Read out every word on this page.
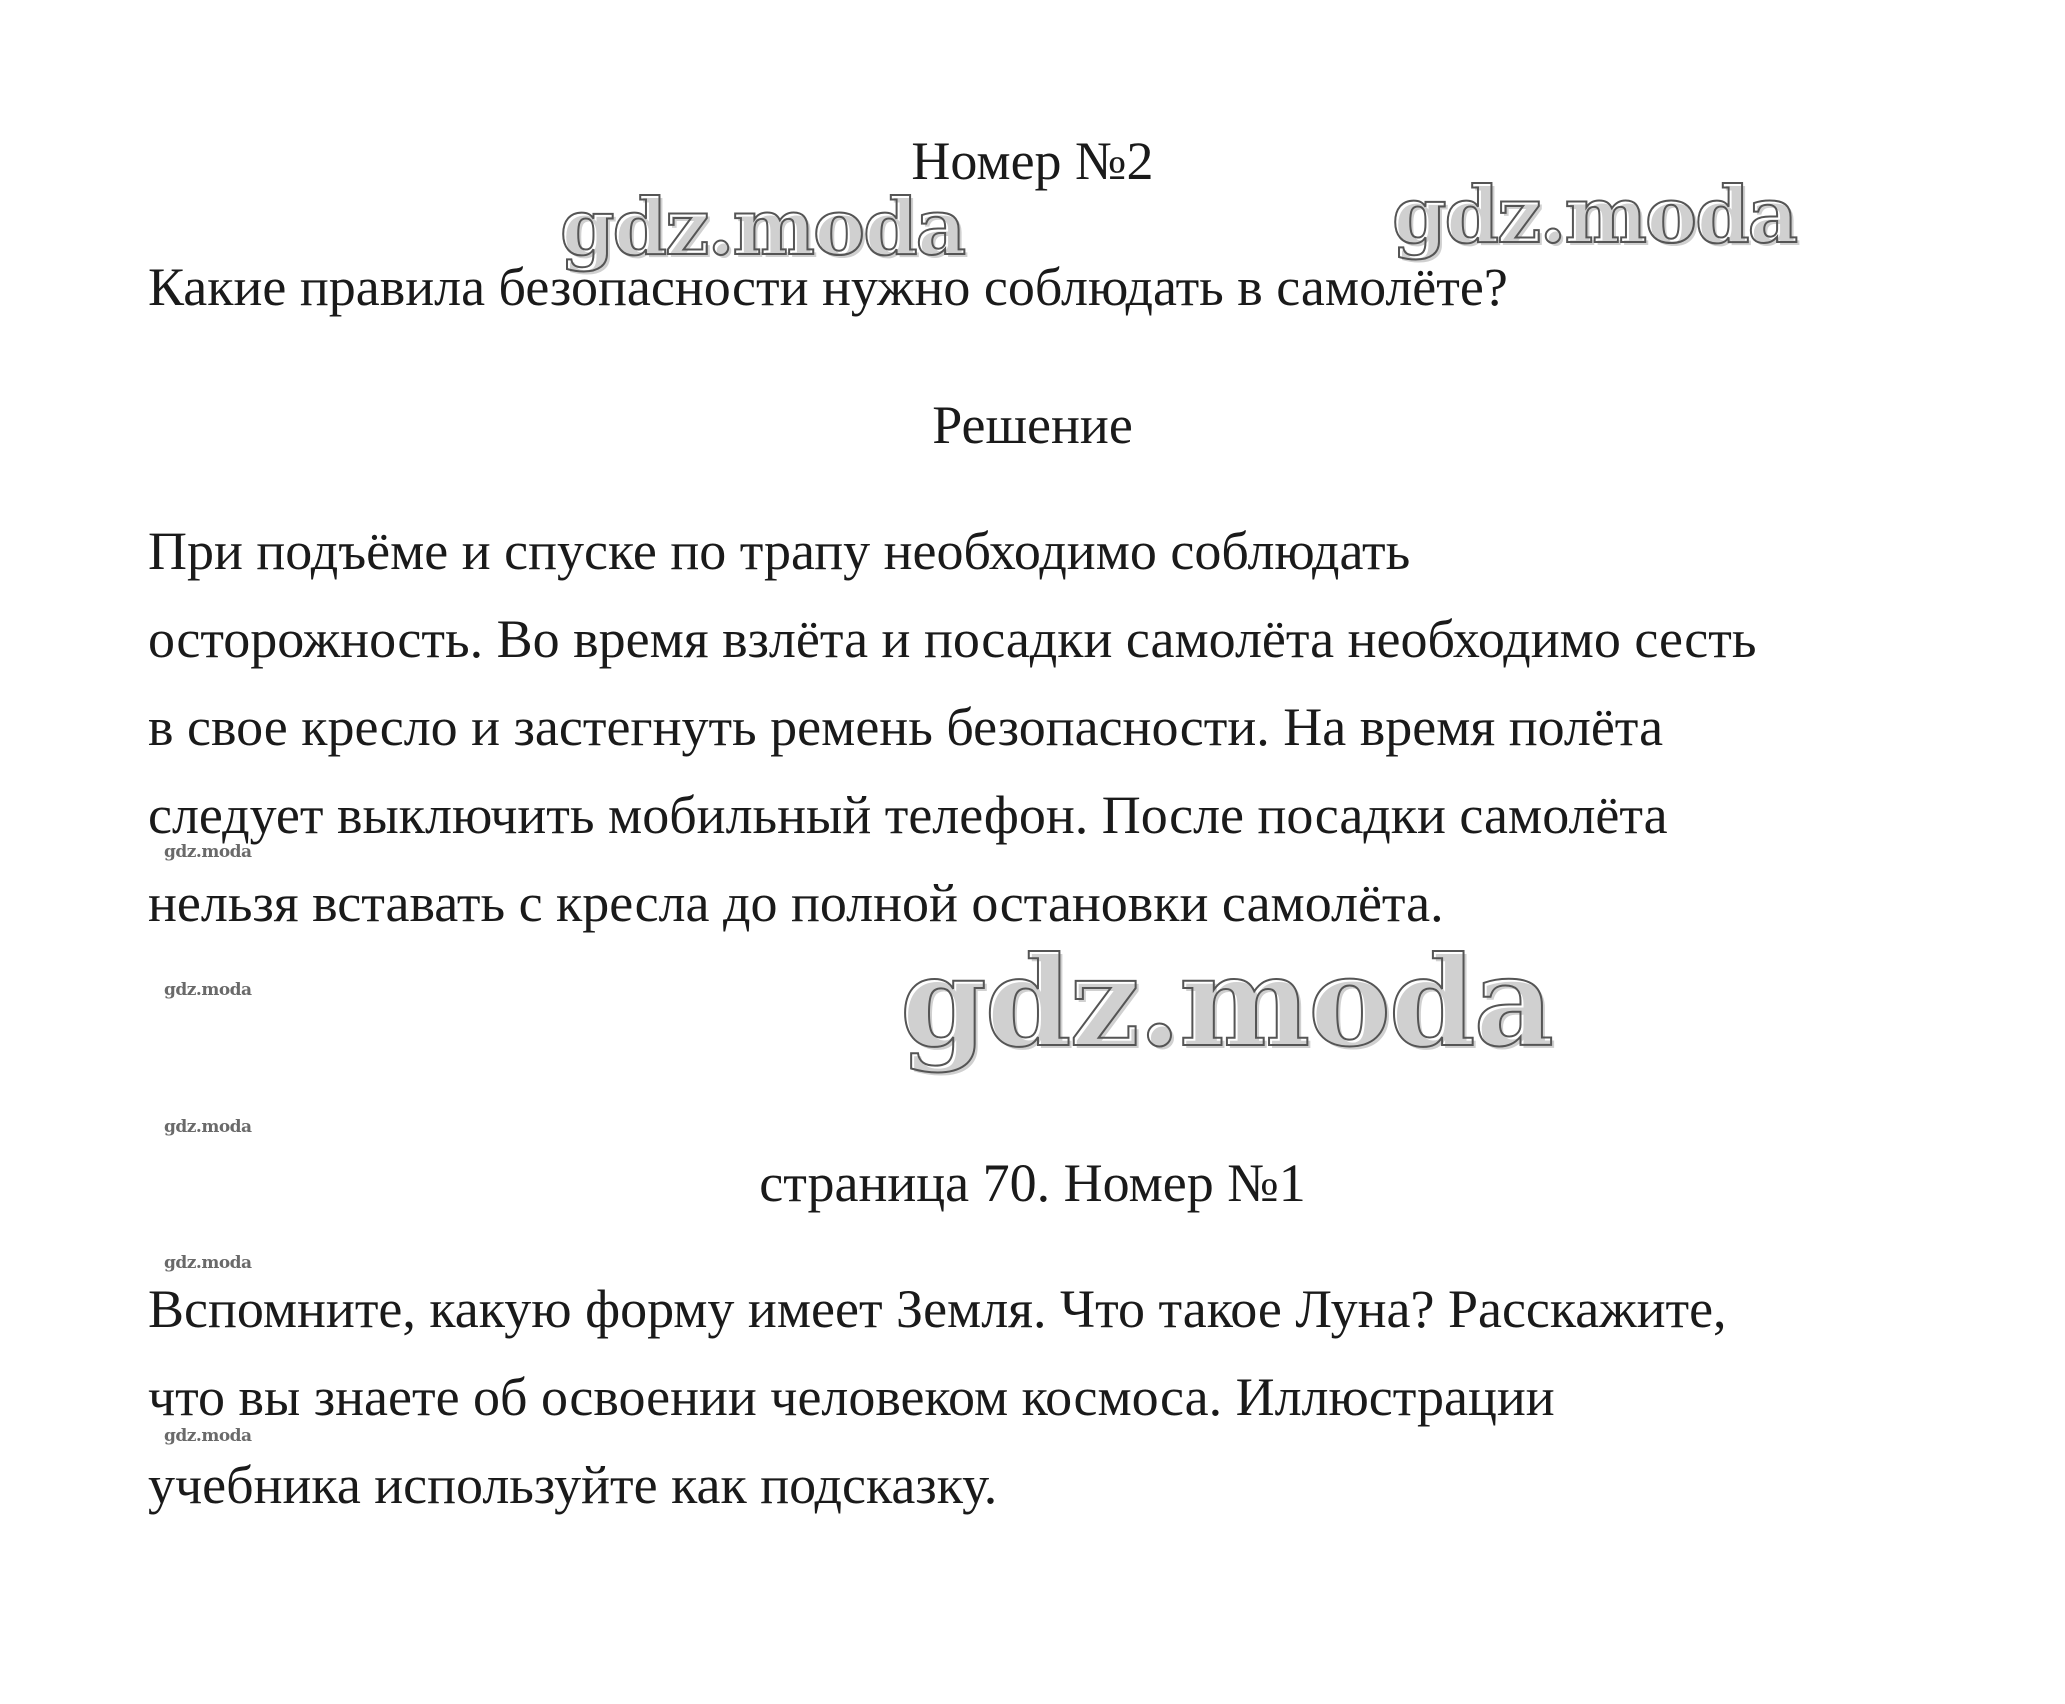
Номер №2
gdz.moda	gdz.moda
Какие правила безопасности нужно соблюдать в самолёте?
Решение
При подъёме и спуске по трапу необходимо соблюдать
осторожность. Во время взлёта и посадки самолёта необходимо сесть
в свое кресло и застегнуть ремень безопасности. На время полёта
следует выключить мобильный телефон. После посадки самолёта
gdz.moda
нельзя вставать с кресла до полной остановки самолёта.
gdz.moda
gdz.moda
gdz.moda
страница 70. Номер №1
gdz.moda
Вспомните, какую форму имеет Земля. Что такое Луна? Расскажите,
что вы знаете об освоении человеком космоса. Иллюстрации
gdz.moda
учебника используйте как подсказку.
